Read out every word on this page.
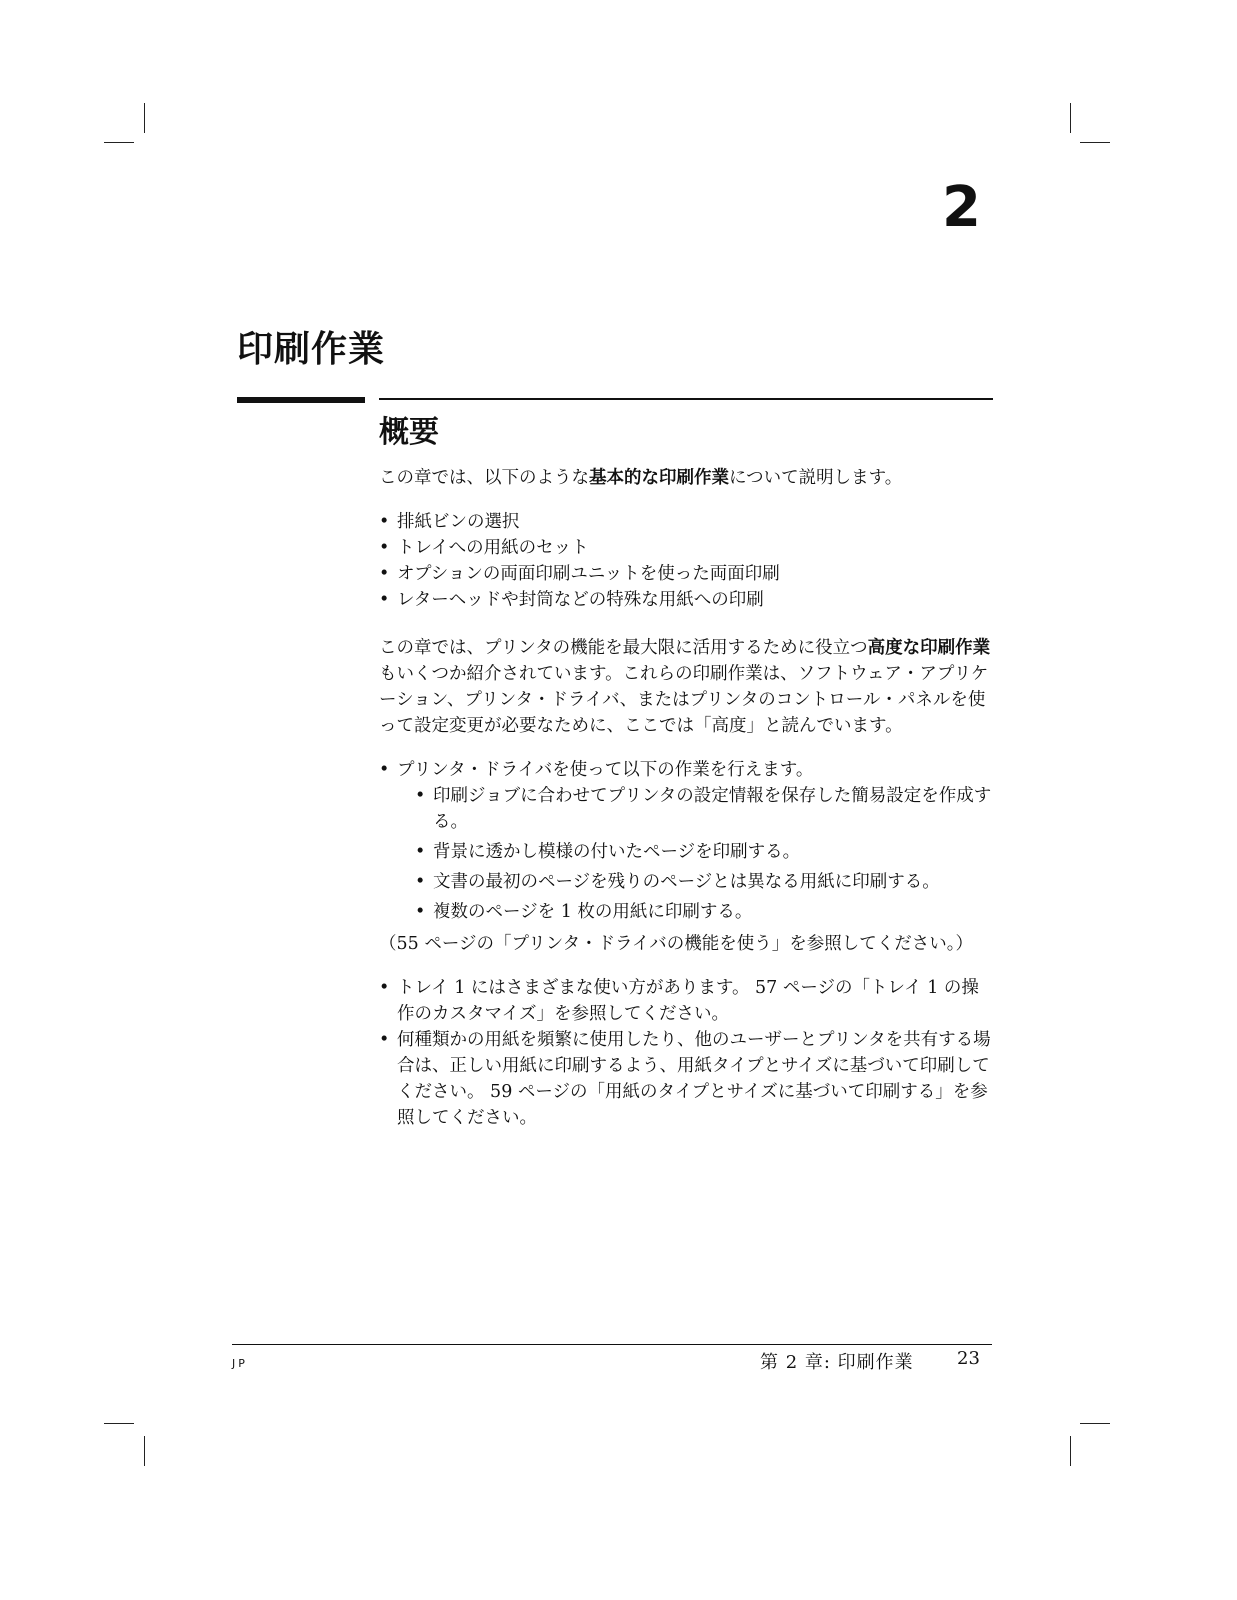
2
印刷作業
概要

この章では、以下のような基本的な印刷作業について説明します。

• 排紙ビンの選択
• トレイへの用紙のセット
• オプションの両面印刷ユニットを使った両面印刷
• レターヘッドや封筒などの特殊な用紙への印刷

この章では、プリンタの機能を最大限に活用するために役立つ高度な印刷作業もいくつか紹介されています。これらの印刷作業は、ソフトウェア・アプリケーション、プリンタ・ドライバ、またはプリンタのコントロール・パネルを使って設定変更が必要なために、ここでは「高度」と読んでいます。

• プリンタ・ドライバを使って以下の作業を行えます。
• 印刷ジョブに合わせてプリンタの設定情報を保存した簡易設定を作成する。
• 背景に透かし模様の付いたページを印刷する。
• 文書の最初のページを残りのページとは異なる用紙に印刷する。
• 複数のページを 1 枚の用紙に印刷する。

（55 ページの「プリンタ・ドライバの機能を使う」を参照してください。）

• トレイ 1 にはさまざまな使い方があります。 57 ページの「トレイ 1 の操作のカスタマイズ」を参照してください。
• 何種類かの用紙を頻繁に使用したり、他のユーザーとプリンタを共有する場合は、正しい用紙に印刷するよう、用紙タイプとサイズに基づいて印刷してください。 59 ページの「用紙のタイプとサイズに基づいて印刷する」を参照してください。
JP	第 2 章: 印刷作業 23
